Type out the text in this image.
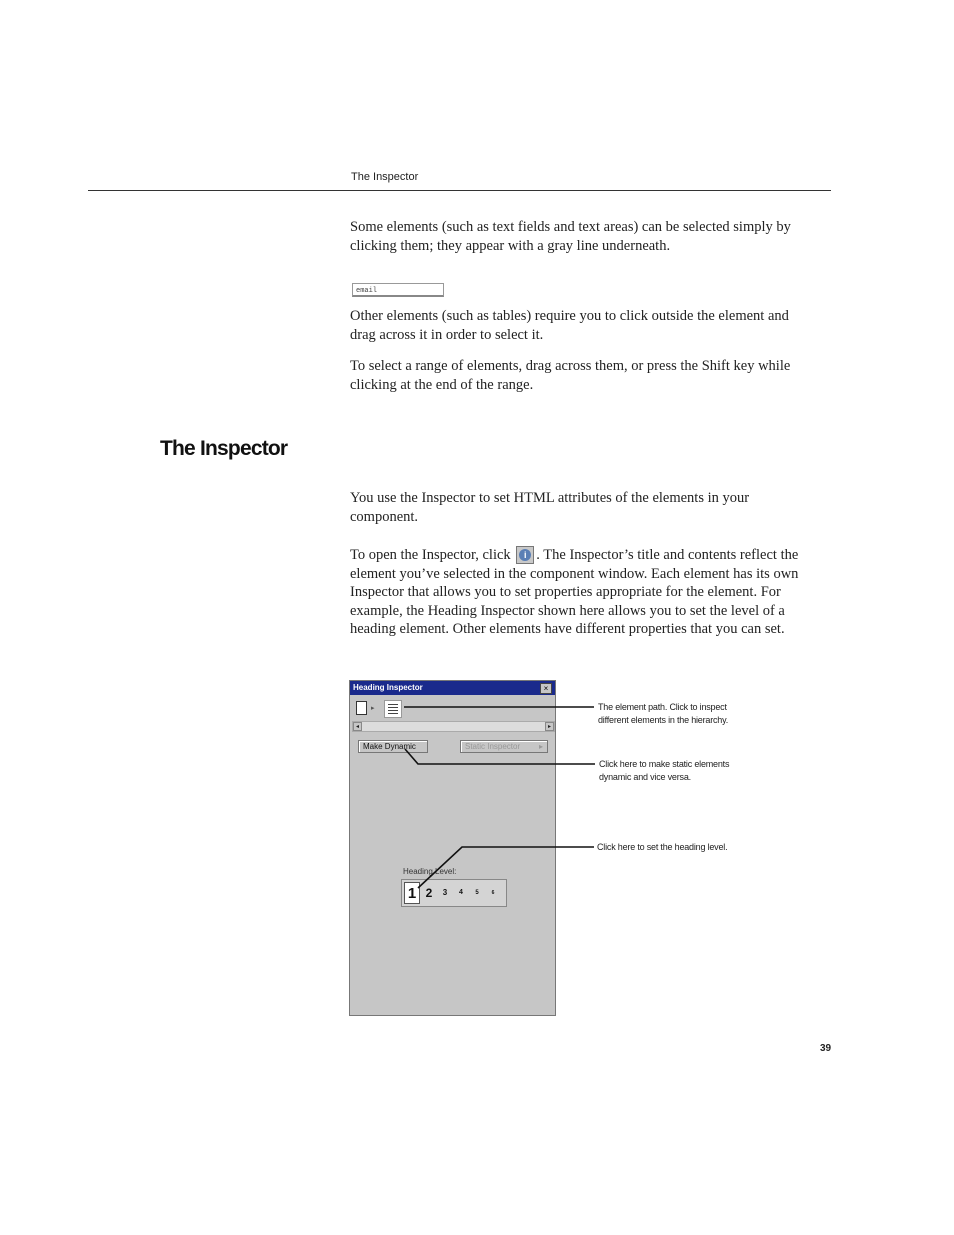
The Inspector

Some elements (such as text fields and text areas) can be selected simply by clicking them; they appear with a gray line underneath.

email

Other elements (such as tables) require you to click outside the element and drag across it in order to select it.

To select a range of elements, drag across them, or press the Shift key while clicking at the end of the range.

The Inspector

You use the Inspector to set HTML attributes of the elements in your component.

To open the Inspector, click	i . The Inspector’s title and contents reflect the element you’ve selected in the component window. Each element has its own Inspector that allows you to set properties appropriate for the element. For example, the Heading Inspector shown here allows you to set the level of a heading element. Other elements have different properties that you can set.

Heading Inspector	×
▸
◂	▸
Make Dynamic	Static Inspector ▸
Heading Level:
1 2	3	4	5	6
The element path. Click to inspect
different elements in the hierarchy.
Click here to make static elements
dynamic and vice versa.
Click here to set the heading level.
39
